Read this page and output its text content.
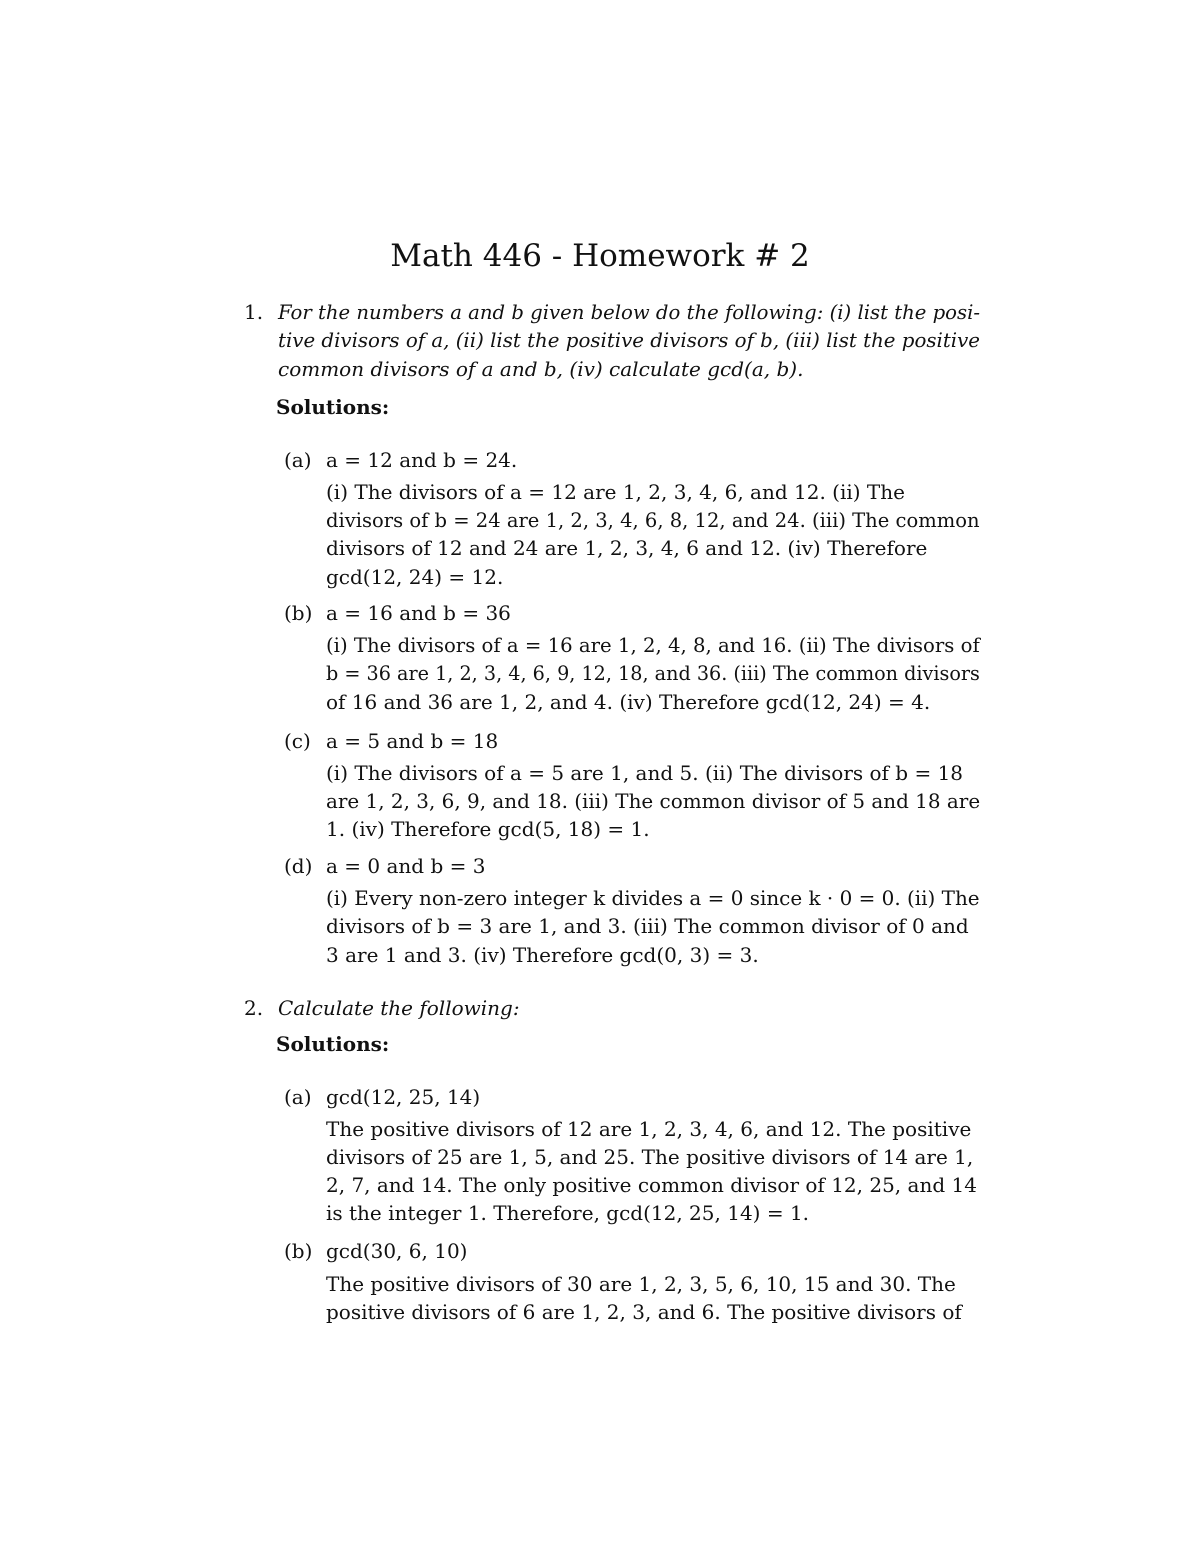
Math 446 - Homework # 2
1. For the numbers a and b given below do the following: (i) list the posi-
tive divisors of a, (ii) list the positive divisors of b, (iii) list the positive
common divisors of a and b, (iv) calculate gcd(a, b).
Solutions:
(a) a = 12 and b = 24.
(i) The divisors of a = 12 are 1, 2, 3, 4, 6, and 12. (ii) The
divisors of b = 24 are 1, 2, 3, 4, 6, 8, 12, and 24. (iii) The common
divisors of 12 and 24 are 1, 2, 3, 4, 6 and 12. (iv) Therefore
gcd(12, 24) = 12.
(b) a = 16 and b = 36
(i) The divisors of a = 16 are 1, 2, 4, 8, and 16. (ii) The divisors of
b = 36 are 1, 2, 3, 4, 6, 9, 12, 18, and 36. (iii) The common divisors
of 16 and 36 are 1, 2, and 4. (iv) Therefore gcd(12, 24) = 4.
(c) a = 5 and b = 18
(i) The divisors of a = 5 are 1, and 5. (ii) The divisors of b = 18
are 1, 2, 3, 6, 9, and 18. (iii) The common divisor of 5 and 18 are
1. (iv) Therefore gcd(5, 18) = 1.
(d) a = 0 and b = 3
(i) Every non-zero integer k divides a = 0 since k · 0 = 0. (ii) The
divisors of b = 3 are 1, and 3. (iii) The common divisor of 0 and
3 are 1 and 3. (iv) Therefore gcd(0, 3) = 3.
2. Calculate the following:
Solutions:
(a) gcd(12, 25, 14)
The positive divisors of 12 are 1, 2, 3, 4, 6, and 12. The positive
divisors of 25 are 1, 5, and 25. The positive divisors of 14 are 1,
2, 7, and 14. The only positive common divisor of 12, 25, and 14
is the integer 1. Therefore, gcd(12, 25, 14) = 1.
(b) gcd(30, 6, 10)
The positive divisors of 30 are 1, 2, 3, 5, 6, 10, 15 and 30. The
positive divisors of 6 are 1, 2, 3, and 6. The positive divisors of
